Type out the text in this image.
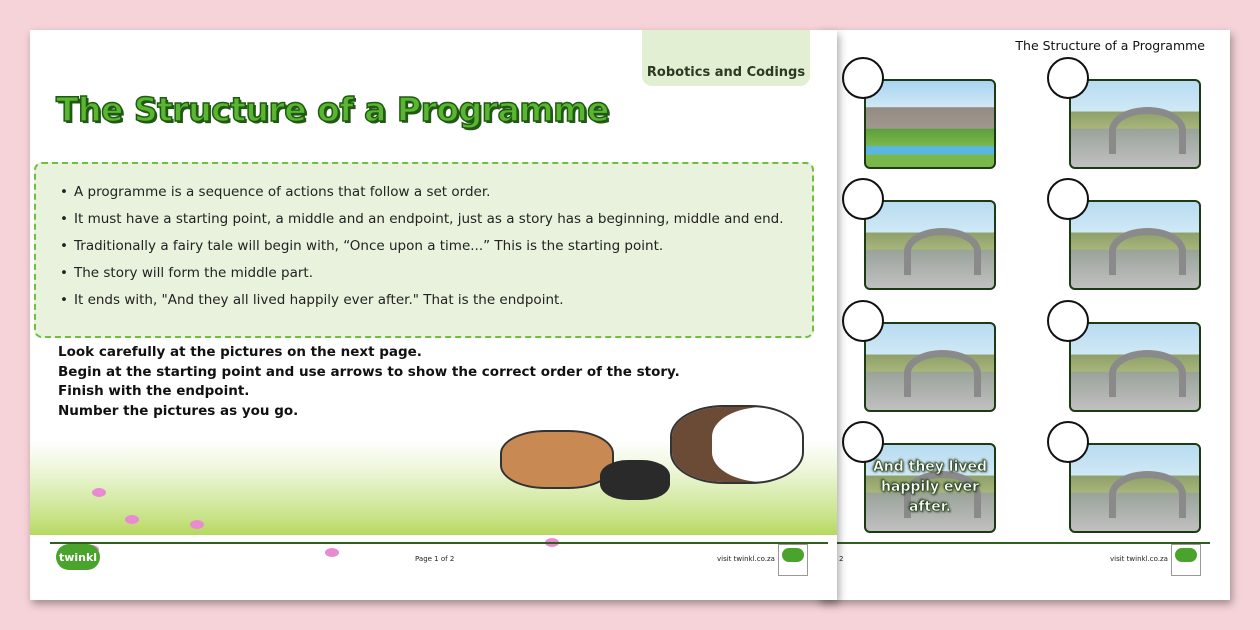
The Structure of a Programme
And they lived happily ever after.
2	visit twinkl.co.za
Robotics and Codings
The Structure of a Programme
• A programme is a sequence of actions that follow a set order.
• It must have a starting point, a middle and an endpoint, just as a story has a beginning, middle and end.
• Traditionally a fairy tale will begin with, “Once upon a time...” This is the starting point.
• The story will form the middle part.
• It ends with, "And they all lived happily ever after." That is the endpoint.
Look carefully at the pictures on the next page.
Begin at the starting point and use arrows to show the correct order of the story.
Finish with the endpoint.
Number the pictures as you go.
twinkl	Page 1 of 2	visit twinkl.co.za
